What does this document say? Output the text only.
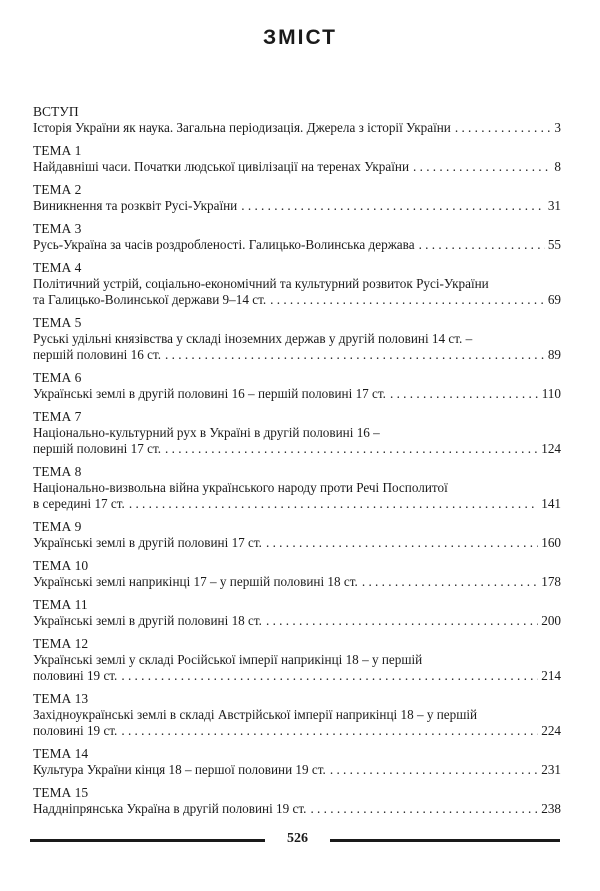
ЗМІСТ
ВСТУП
Історія України як наука. Загальна періодизація. Джерела з історії України . . .	3
ТЕМА 1
Найдавніші часи. Початки людської цивілізації на теренах України . . .	8
ТЕМА 2
Виникнення та розквіт Русі-України . . .	31
ТЕМА 3
Русь-Україна за часів роздробленості. Галицько-Волинська держава . . .	55
ТЕМА 4
Політичний устрій, соціально-економічний та культурний розвиток Русі-України
та Галицько-Волинської держави 9–14 ст. . . .	69
ТЕМА 5
Руські удільні князівства у складі іноземних держав у другій половині 14 ст. –
першій половині 16 ст. . . .	89
ТЕМА 6
Українські землі в другій половині 16 – першій половині 17 ст. . . .	110
ТЕМА 7
Національно-культурний рух в Україні в другій половині 16 –
першій половині 17 ст. . . .	124
ТЕМА 8
Національно-визвольна війна українського народу проти Речі Посполитої
в середині 17 ст. . . .	141
ТЕМА 9
Українські землі в другій половині 17 ст. . . .	160
ТЕМА 10
Українські землі наприкінці 17 – у першій половині 18 ст. . . .	178
ТЕМА 11
Українські землі в другій половині 18 ст. . . .	200
ТЕМА 12
Українські землі у складі Російської імперії наприкінці 18 – у першій
половині 19 ст. . . .	214
ТЕМА 13
Західноукраїнські землі в складі Австрійської імперії наприкінці 18 – у першій
половині 19 ст. . . .	224
ТЕМА 14
Культура України кінця 18 – першої половини 19 ст. . . .	231
ТЕМА 15
Наддніпрянська Україна в другій половині 19 ст. . . .	238
526
